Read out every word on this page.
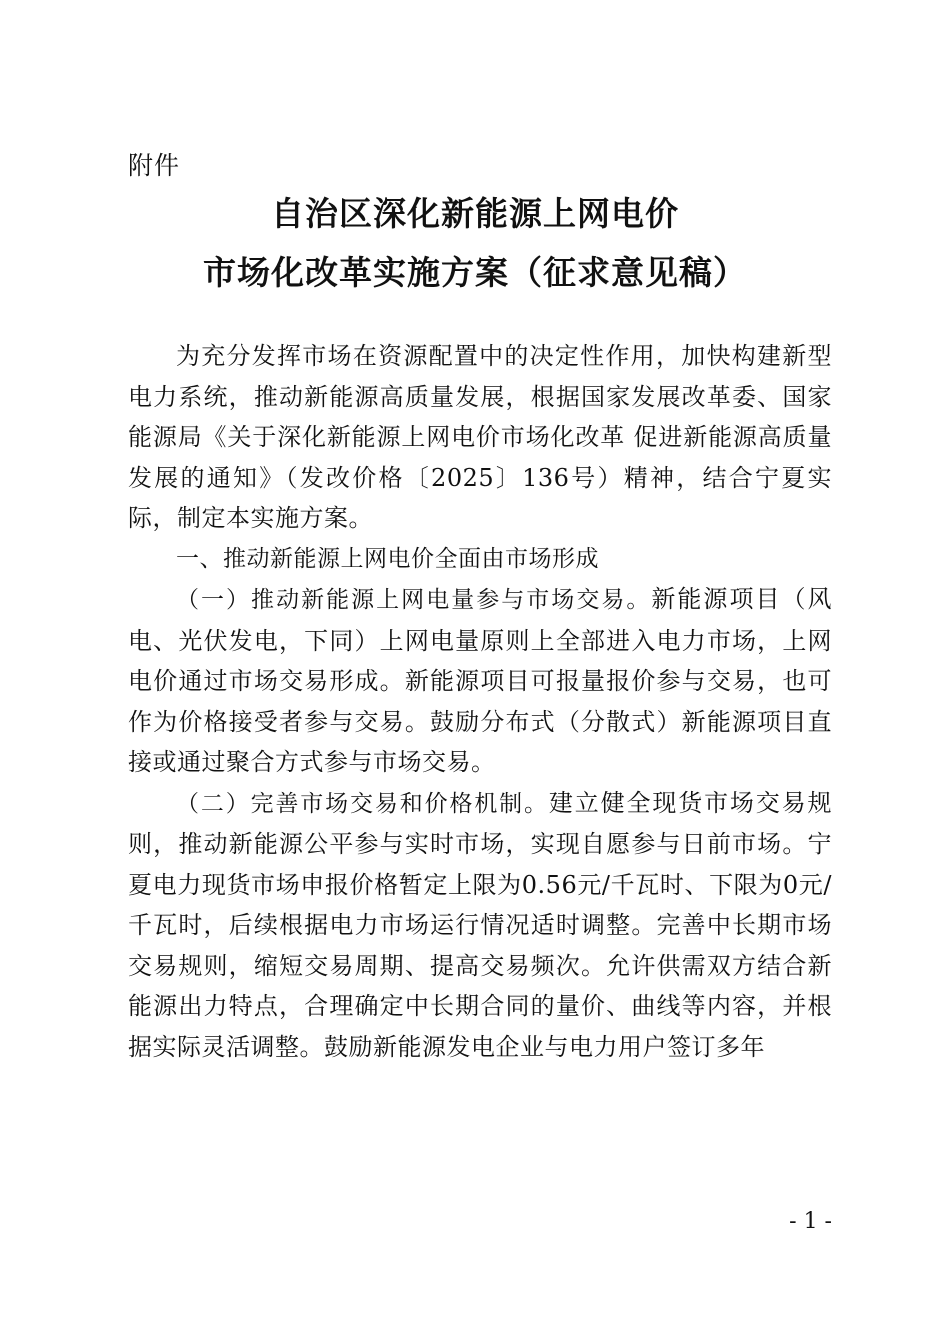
附件
自治区深化新能源上网电价
市场化改革实施方案（征求意见稿）

为充分发挥市场在资源配置中的决定性作用，加快构建新型电力系统，推动新能源高质量发展，根据国家发展改革委、国家能源局《关于深化新能源上网电价市场化改革 促进新能源高质量发展的通知》（发改价格〔2025〕136号）精神，结合宁夏实际，制定本实施方案。

一、推动新能源上网电价全面由市场形成

（一）推动新能源上网电量参与市场交易。新能源项目（风电、光伏发电，下同）上网电量原则上全部进入电力市场，上网电价通过市场交易形成。新能源项目可报量报价参与交易，也可作为价格接受者参与交易。鼓励分布式（分散式）新能源项目直接或通过聚合方式参与市场交易。

（二）完善市场交易和价格机制。建立健全现货市场交易规则，推动新能源公平参与实时市场，实现自愿参与日前市场。宁夏电力现货市场申报价格暂定上限为0.56元/千瓦时、下限为0元/千瓦时，后续根据电力市场运行情况适时调整。完善中长期市场交易规则，缩短交易周期、提高交易频次。允许供需双方结合新能源出力特点，合理确定中长期合同的量价、曲线等内容，并根据实际灵活调整。鼓励新能源发电企业与电力用户签订多年

- 1 -
